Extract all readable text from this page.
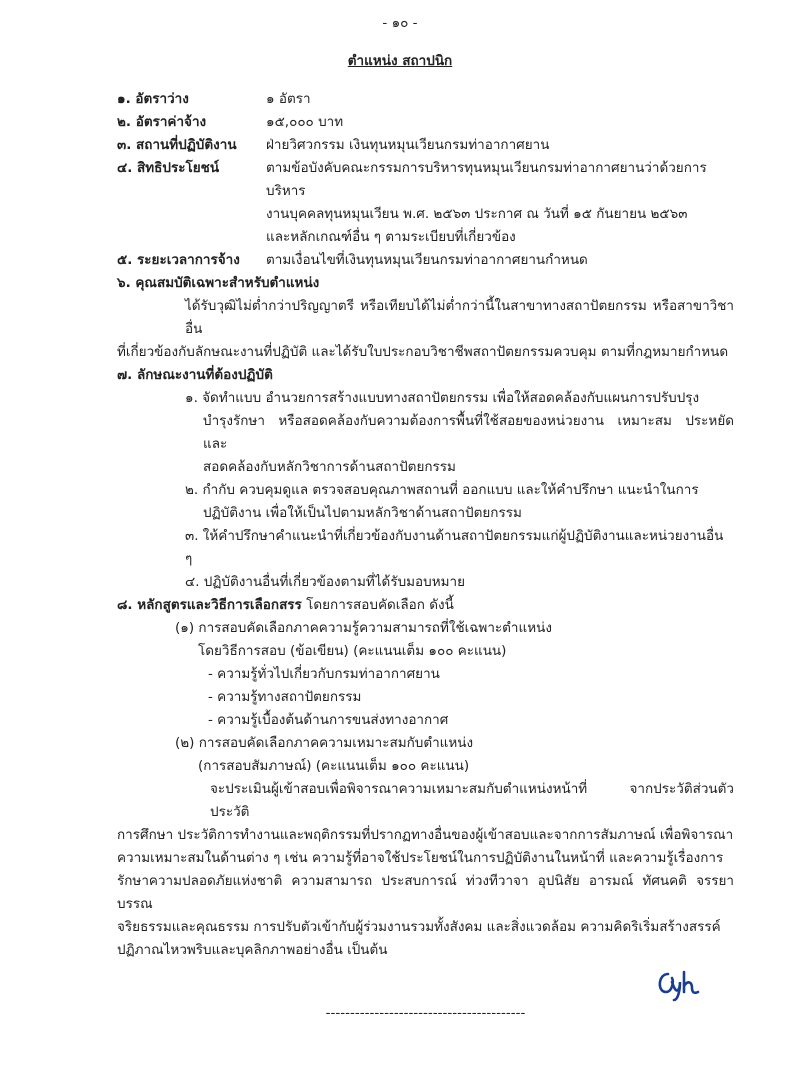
- ๑๐ -
ตำแหน่ง สถาปนิก
๑. อัตราว่าง	๑ อัตรา
๒. อัตราค่าจ้าง	๑๕,๐๐๐ บาท
๓. สถานที่ปฏิบัติงาน	ฝ่ายวิศวกรรม เงินทุนหมุนเวียนกรมท่าอากาศยาน
๔. สิทธิประโยชน์	ตามข้อบังคับคณะกรรมการบริหารทุนหมุนเวียนกรมท่าอากาศยานว่าด้วยการบริหาร
งานบุคคลทุนหมุนเวียน พ.ศ. ๒๕๖๓ ประกาศ ณ วันที่ ๑๕ กันยายน ๒๕๖๓
และหลักเกณฑ์อื่น ๆ ตามระเบียบที่เกี่ยวข้อง
๕. ระยะเวลาการจ้าง	ตามเงื่อนไขที่เงินทุนหมุนเวียนกรมท่าอากาศยานกำหนด
๖. คุณสมบัติเฉพาะสำหรับตำแหน่ง
ได้รับวุฒิไม่ต่ำกว่าปริญญาตรี หรือเทียบได้ไม่ต่ำกว่านี้ในสาขาทางสถาปัตยกรรม หรือสาขาวิชาอื่น
ที่เกี่ยวข้องกับลักษณะงานที่ปฏิบัติ และได้รับใบประกอบวิชาชีพสถาปัตยกรรมควบคุม ตามที่กฎหมายกำหนด
๗. ลักษณะงานที่ต้องปฏิบัติ
๑. จัดทำแบบ อำนวยการสร้างแบบทางสถาปัตยกรรม เพื่อให้สอดคล้องกับแผนการปรับปรุง
บำรุงรักษา หรือสอดคล้องกับความต้องการพื้นที่ใช้สอยของหน่วยงาน เหมาะสม ประหยัด และ
สอดคล้องกับหลักวิชาการด้านสถาปัตยกรรม
๒. กำกับ ควบคุมดูแล ตรวจสอบคุณภาพสถานที่ ออกแบบ และให้คำปรึกษา แนะนำในการ
ปฏิบัติงาน เพื่อให้เป็นไปตามหลักวิชาด้านสถาปัตยกรรม
๓. ให้คำปรึกษาคำแนะนำที่เกี่ยวข้องกับงานด้านสถาปัตยกรรมแก่ผู้ปฏิบัติงานและหน่วยงานอื่น ๆ
๔. ปฏิบัติงานอื่นที่เกี่ยวข้องตามที่ได้รับมอบหมาย
๘. หลักสูตรและวิธีการเลือกสรร โดยการสอบคัดเลือก ดังนี้
(๑) การสอบคัดเลือกภาคความรู้ความสามารถที่ใช้เฉพาะตำแหน่ง
โดยวิธีการสอบ (ข้อเขียน) (คะแนนเต็ม ๑๐๐ คะแนน)
- ความรู้ทั่วไปเกี่ยวกับกรมท่าอากาศยาน
- ความรู้ทางสถาปัตยกรรม
- ความรู้เบื้องต้นด้านการขนส่งทางอากาศ
(๒) การสอบคัดเลือกภาคความเหมาะสมกับตำแหน่ง
(การสอบสัมภาษณ์) (คะแนนเต็ม ๑๐๐ คะแนน)
จะประเมินผู้เข้าสอบเพื่อพิจารณาความเหมาะสมกับตำแหน่งหน้าที่ จากประวัติส่วนตัว ประวัติ
การศึกษา ประวัติการทำงานและพฤติกรรมที่ปรากฏทางอื่นของผู้เข้าสอบและจากการสัมภาษณ์ เพื่อพิจารณา
ความเหมาะสมในด้านต่าง ๆ เช่น ความรู้ที่อาจใช้ประโยชน์ในการปฏิบัติงานในหน้าที่ และความรู้เรื่องการ
รักษาความปลอดภัยแห่งชาติ ความสามารถ ประสบการณ์ ท่วงทีวาจา อุปนิสัย อารมณ์ ทัศนคติ จรรยาบรรณ
จริยธรรมและคุณธรรม การปรับตัวเข้ากับผู้ร่วมงานรวมทั้งสังคม และสิ่งแวดล้อม ความคิดริเริ่มสร้างสรรค์
ปฏิภาณไหวพริบและบุคลิกภาพอย่างอื่น เป็นต้น
-----------------------------------------
